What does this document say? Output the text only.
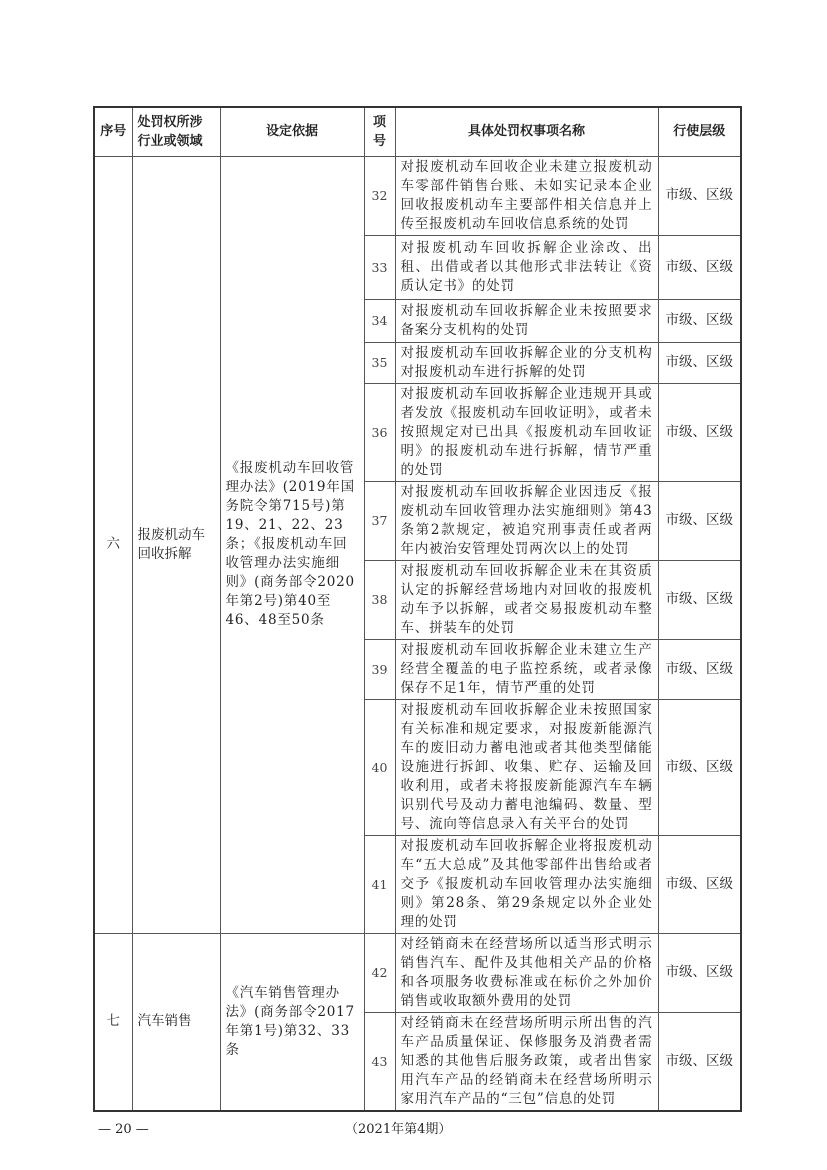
序号	处罚权所涉行业或领域	设定依据	项号	具体处罚权事项名称	行使层级
六	报废机动车回收拆解	《报废机动车回收管理办法》(2019年国务院令第715号)第19、21、22、23条；《报废机动车回收管理办法实施细则》(商务部令2020年第2号)第40至46、48至50条	32	对报废机动车回收企业未建立报废机动车零部件销售台账、未如实记录本企业回收报废机动车主要部件相关信息并上传至报废机动车回收信息系统的处罚	市级、区级
			33	对报废机动车回收拆解企业涂改、出租、出借或者以其他形式非法转让《资质认定书》的处罚	市级、区级
			34	对报废机动车回收拆解企业未按照要求备案分支机构的处罚	市级、区级
			35	对报废机动车回收拆解企业的分支机构对报废机动车进行拆解的处罚	市级、区级
			36	对报废机动车回收拆解企业违规开具或者发放《报废机动车回收证明》，或者未按照规定对已出具《报废机动车回收证明》的报废机动车进行拆解，情节严重的处罚	市级、区级
			37	对报废机动车回收拆解企业因违反《报废机动车回收管理办法实施细则》第43条第2款规定，被追究刑事责任或者两年内被治安管理处罚两次以上的处罚	市级、区级
			38	对报废机动车回收拆解企业未在其资质认定的拆解经营场地内对回收的报废机动车予以拆解，或者交易报废机动车整车、拼装车的处罚	市级、区级
			39	对报废机动车回收拆解企业未建立生产经营全覆盖的电子监控系统，或者录像保存不足1年，情节严重的处罚	市级、区级
			40	对报废机动车回收拆解企业未按照国家有关标准和规定要求，对报废新能源汽车的废旧动力蓄电池或者其他类型储能设施进行拆卸、收集、贮存、运输及回收利用，或者未将报废新能源汽车车辆识别代号及动力蓄电池编码、数量、型号、流向等信息录入有关平台的处罚	市级、区级
			41	对报废机动车回收拆解企业将报废机动车“五大总成”及其他零部件出售给或者交予《报废机动车回收管理办法实施细则》第28条、第29条规定以外企业处理的处罚	市级、区级
七	汽车销售	《汽车销售管理办法》(商务部令2017年第1号)第32、33条	42	对经销商未在经营场所以适当形式明示销售汽车、配件及其他相关产品的价格和各项服务收费标准或在标价之外加价销售或收取额外费用的处罚	市级、区级
			43	对经销商未在经营场所明示所出售的汽车产品质量保证、保修服务及消费者需知悉的其他售后服务政策，或者出售家用汽车产品的经销商未在经营场所明示家用汽车产品的“三包”信息的处罚	市级、区级
— 20 —	（2021年第4期）
